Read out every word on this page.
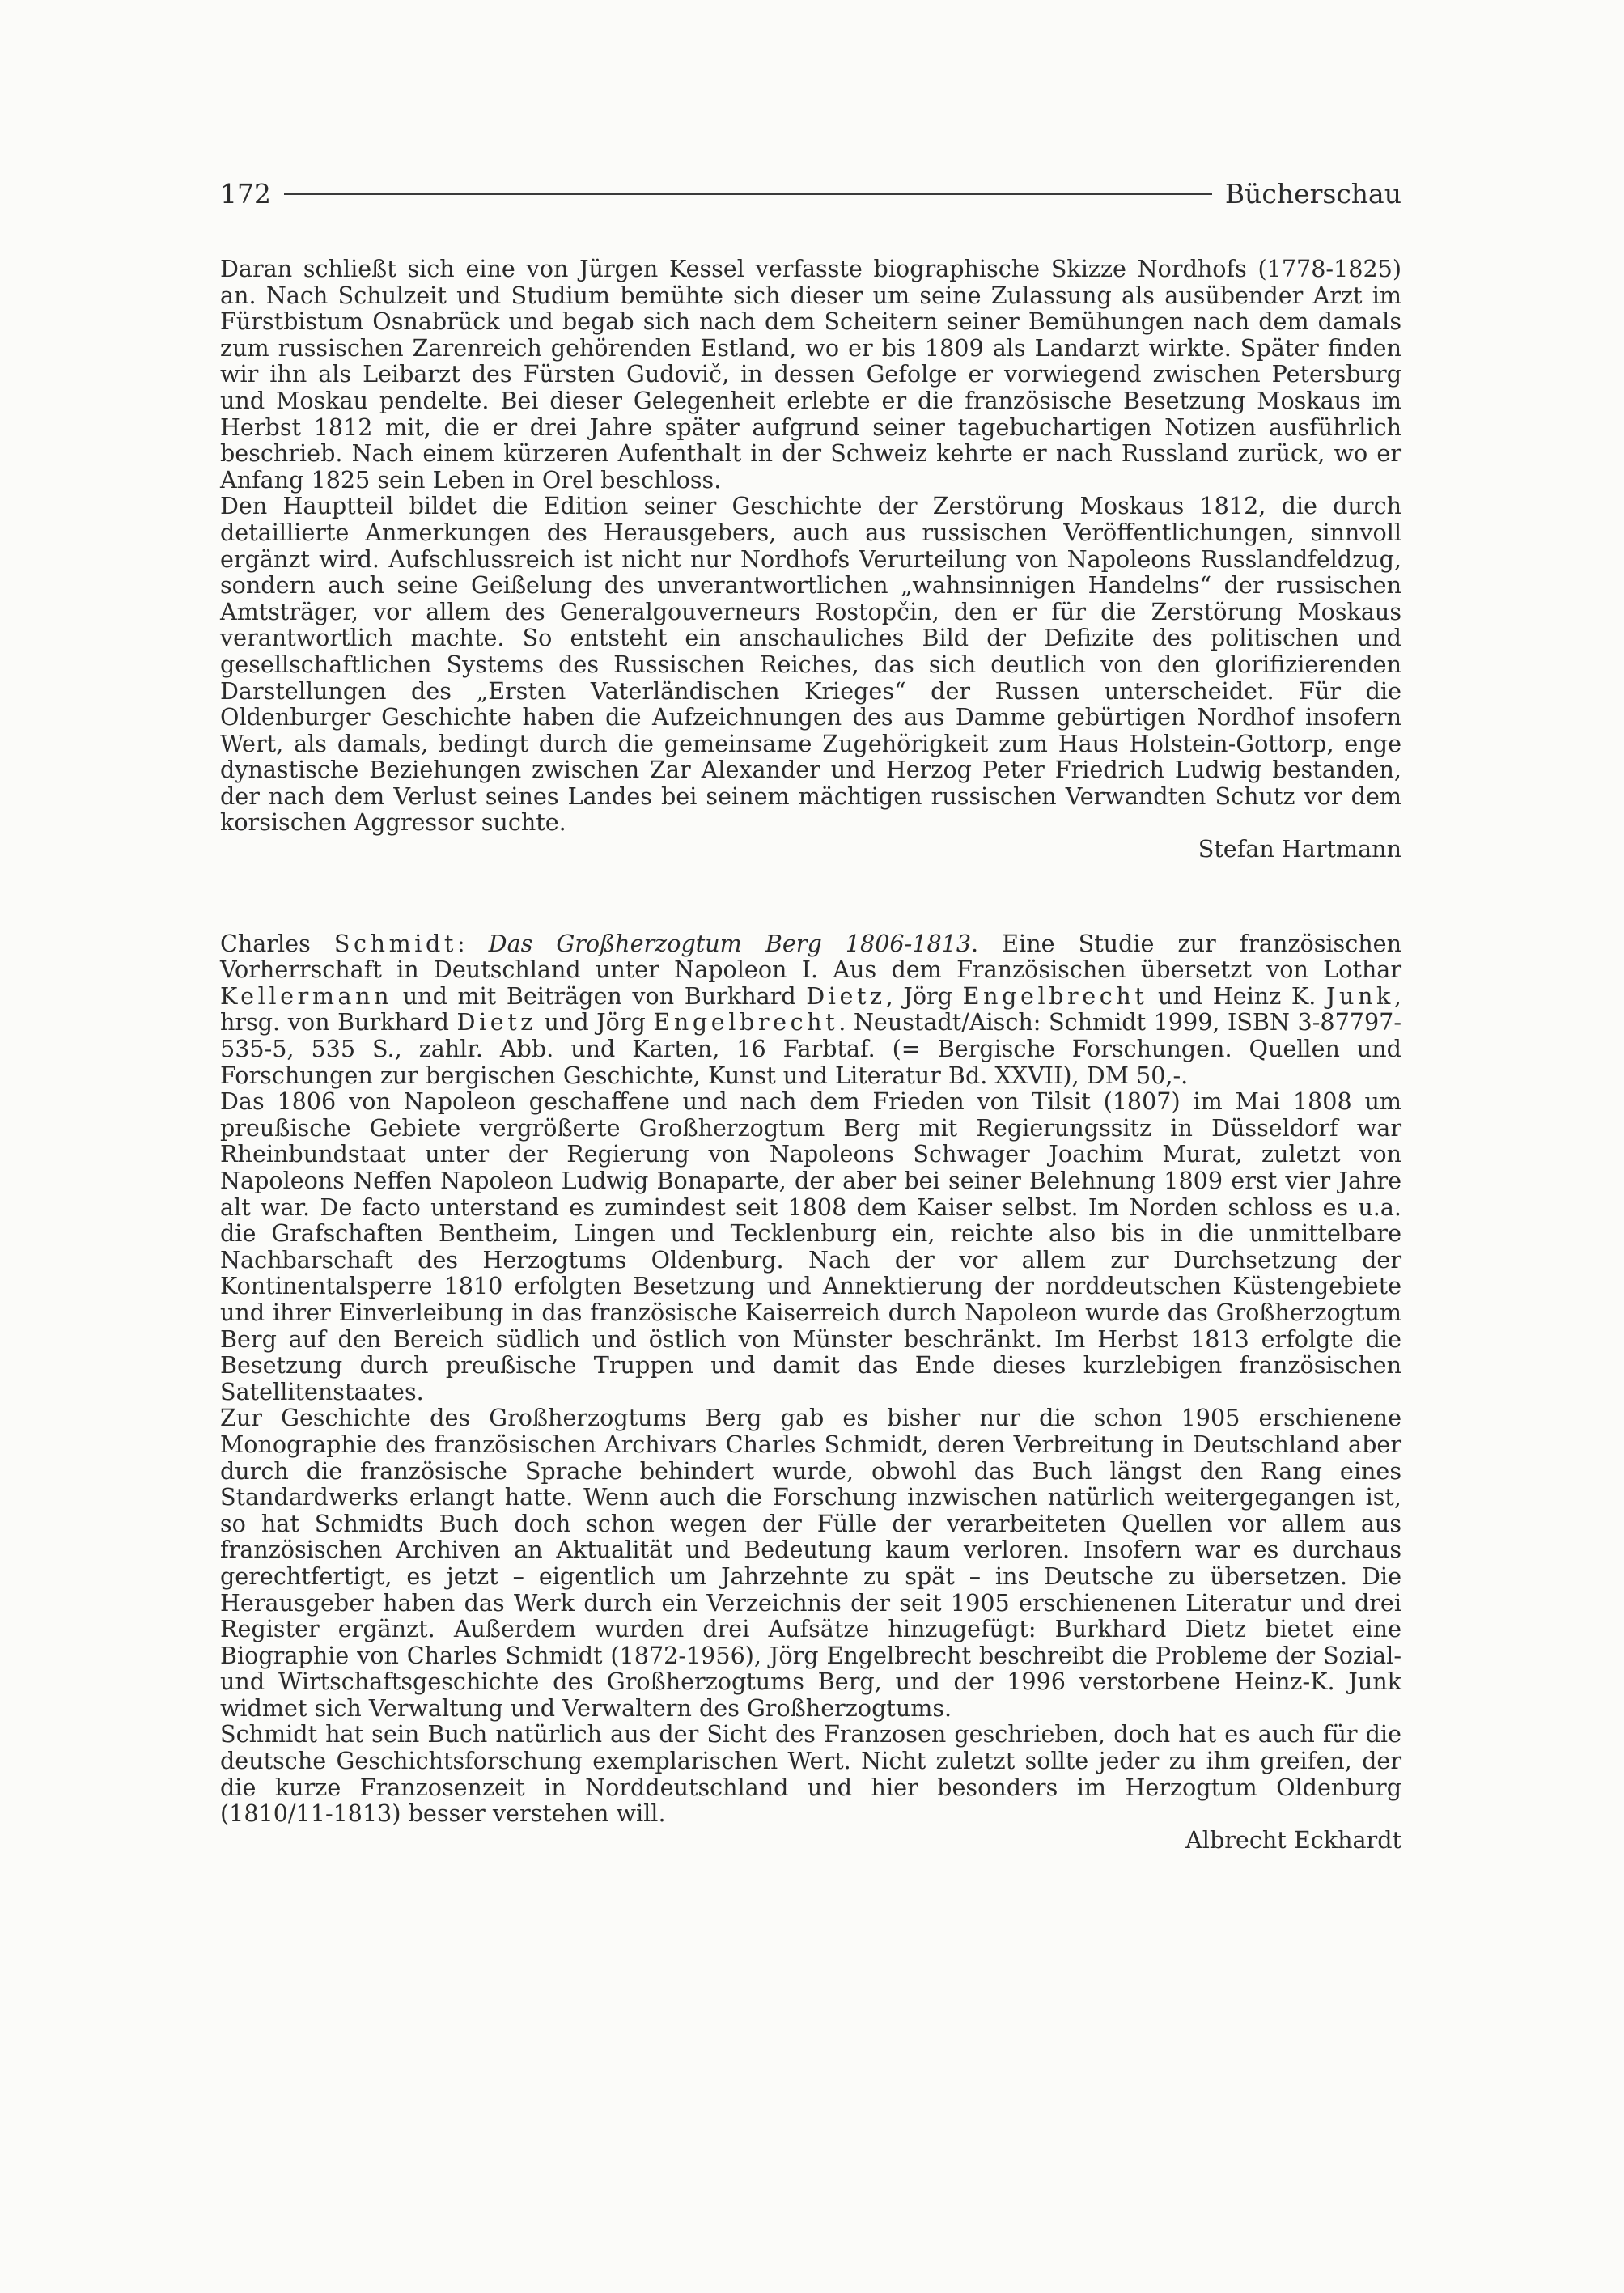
172	Bücherschau

Daran schließt sich eine von Jürgen Kessel verfasste biographische Skizze Nordhofs (1778-1825) an. Nach Schulzeit und Studium bemühte sich dieser um seine Zulassung als ausübender Arzt im Fürstbistum Osnabrück und begab sich nach dem Scheitern seiner Bemühungen nach dem damals zum russischen Zarenreich gehörenden Estland, wo er bis 1809 als Landarzt wirkte. Später finden wir ihn als Leibarzt des Fürsten Gudovič, in dessen Gefolge er vorwiegend zwischen Petersburg und Moskau pendelte. Bei dieser Gelegenheit erlebte er die französische Besetzung Moskaus im Herbst 1812 mit, die er drei Jahre später aufgrund seiner tagebuchartigen Notizen ausführlich beschrieb. Nach einem kürzeren Aufenthalt in der Schweiz kehrte er nach Russland zurück, wo er Anfang 1825 sein Leben in Orel beschloss.

Den Hauptteil bildet die Edition seiner Geschichte der Zerstörung Moskaus 1812, die durch detaillierte Anmerkungen des Herausgebers, auch aus russischen Veröffentlichungen, sinnvoll ergänzt wird. Aufschlussreich ist nicht nur Nordhofs Verurteilung von Napoleons Russlandfeldzug, sondern auch seine Geißelung des unverantwortlichen „wahnsinnigen Handelns“ der russischen Amtsträger, vor allem des Generalgouverneurs Rostopčin, den er für die Zerstörung Moskaus verantwortlich machte. So entsteht ein anschauliches Bild der Defizite des politischen und gesellschaftlichen Systems des Russischen Reiches, das sich deutlich von den glorifizierenden Darstellungen des „Ersten Vaterländischen Krieges“ der Russen unterscheidet. Für die Oldenburger Geschichte haben die Aufzeichnungen des aus Damme gebürtigen Nordhof insofern Wert, als damals, bedingt durch die gemeinsame Zugehörigkeit zum Haus Holstein-Gottorp, enge dynastische Beziehungen zwischen Zar Alexander und Herzog Peter Friedrich Ludwig bestanden, der nach dem Verlust seines Landes bei seinem mächtigen russischen Verwandten Schutz vor dem korsischen Aggressor suchte.

Stefan Hartmann

Charles Schmidt: Das Großherzogtum Berg 1806-1813. Eine Studie zur französischen Vorherrschaft in Deutschland unter Napoleon I. Aus dem Französischen übersetzt von Lothar Kellermann und mit Beiträgen von Burkhard Dietz, Jörg Engelbrecht und Heinz K. Junk, hrsg. von Burkhard Dietz und Jörg Engelbrecht. Neustadt/Aisch: Schmidt 1999, ISBN 3-87797-535-5, 535 S., zahlr. Abb. und Karten, 16 Farbtaf. (= Bergische Forschungen. Quellen und Forschungen zur bergischen Geschichte, Kunst und Literatur Bd. XXVII), DM 50,-.

Das 1806 von Napoleon geschaffene und nach dem Frieden von Tilsit (1807) im Mai 1808 um preußische Gebiete vergrößerte Großherzogtum Berg mit Regierungssitz in Düsseldorf war Rheinbundstaat unter der Regierung von Napoleons Schwager Joachim Murat, zuletzt von Napoleons Neffen Napoleon Ludwig Bonaparte, der aber bei seiner Belehnung 1809 erst vier Jahre alt war. De facto unterstand es zumindest seit 1808 dem Kaiser selbst. Im Norden schloss es u.a. die Grafschaften Bentheim, Lingen und Tecklenburg ein, reichte also bis in die unmittelbare Nachbarschaft des Herzogtums Oldenburg. Nach der vor allem zur Durchsetzung der Kontinentalsperre 1810 erfolgten Besetzung und Annektierung der norddeutschen Küstengebiete und ihrer Einverleibung in das französische Kaiserreich durch Napoleon wurde das Großherzogtum Berg auf den Bereich südlich und östlich von Münster beschränkt. Im Herbst 1813 erfolgte die Besetzung durch preußische Truppen und damit das Ende dieses kurzlebigen französischen Satellitenstaates.

Zur Geschichte des Großherzogtums Berg gab es bisher nur die schon 1905 erschienene Monographie des französischen Archivars Charles Schmidt, deren Verbreitung in Deutschland aber durch die französische Sprache behindert wurde, obwohl das Buch längst den Rang eines Standardwerks erlangt hatte. Wenn auch die Forschung inzwischen natürlich weitergegangen ist, so hat Schmidts Buch doch schon wegen der Fülle der verarbeiteten Quellen vor allem aus französischen Archiven an Aktualität und Bedeutung kaum verloren. Insofern war es durchaus gerechtfertigt, es jetzt – eigentlich um Jahrzehnte zu spät – ins Deutsche zu übersetzen. Die Herausgeber haben das Werk durch ein Verzeichnis der seit 1905 erschienenen Literatur und drei Register ergänzt. Außerdem wurden drei Aufsätze hinzugefügt: Burkhard Dietz bietet eine Biographie von Charles Schmidt (1872-1956), Jörg Engelbrecht beschreibt die Probleme der Sozial- und Wirtschaftsgeschichte des Großherzogtums Berg, und der 1996 verstorbene Heinz-K. Junk widmet sich Verwaltung und Verwaltern des Großherzogtums.

Schmidt hat sein Buch natürlich aus der Sicht des Franzosen geschrieben, doch hat es auch für die deutsche Geschichtsforschung exemplarischen Wert. Nicht zuletzt sollte jeder zu ihm greifen, der die kurze Franzosenzeit in Norddeutschland und hier besonders im Herzogtum Oldenburg (1810/11-1813) besser verstehen will.

Albrecht Eckhardt
